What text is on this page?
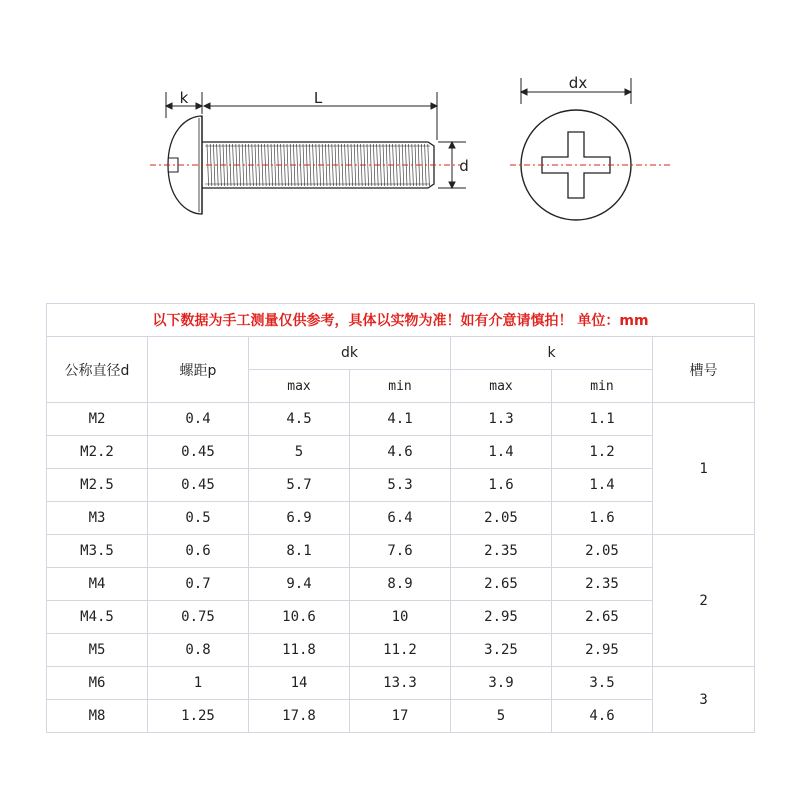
k	L
d
dx
以下数据为手工测量仅供参考，具体以实物为准！如有介意请慎拍！ 单位：mm						
公称直径d	螺距p	dk		k		槽号
		max	min	max	min	
M2	0.4	4.5	4.1	1.3	1.1	1
M2.2	0.45	5	4.6	1.4	1.2	
M2.5	0.45	5.7	5.3	1.6	1.4	
M3	0.5	6.9	6.4	2.05	1.6	
M3.5	0.6	8.1	7.6	2.35	2.05	2
M4	0.7	9.4	8.9	2.65	2.35	
M4.5	0.75	10.6	10	2.95	2.65	
M5	0.8	11.8	11.2	3.25	2.95	
M6	1	14	13.3	3.9	3.5	3
M8	1.25	17.8	17	5	4.6	
